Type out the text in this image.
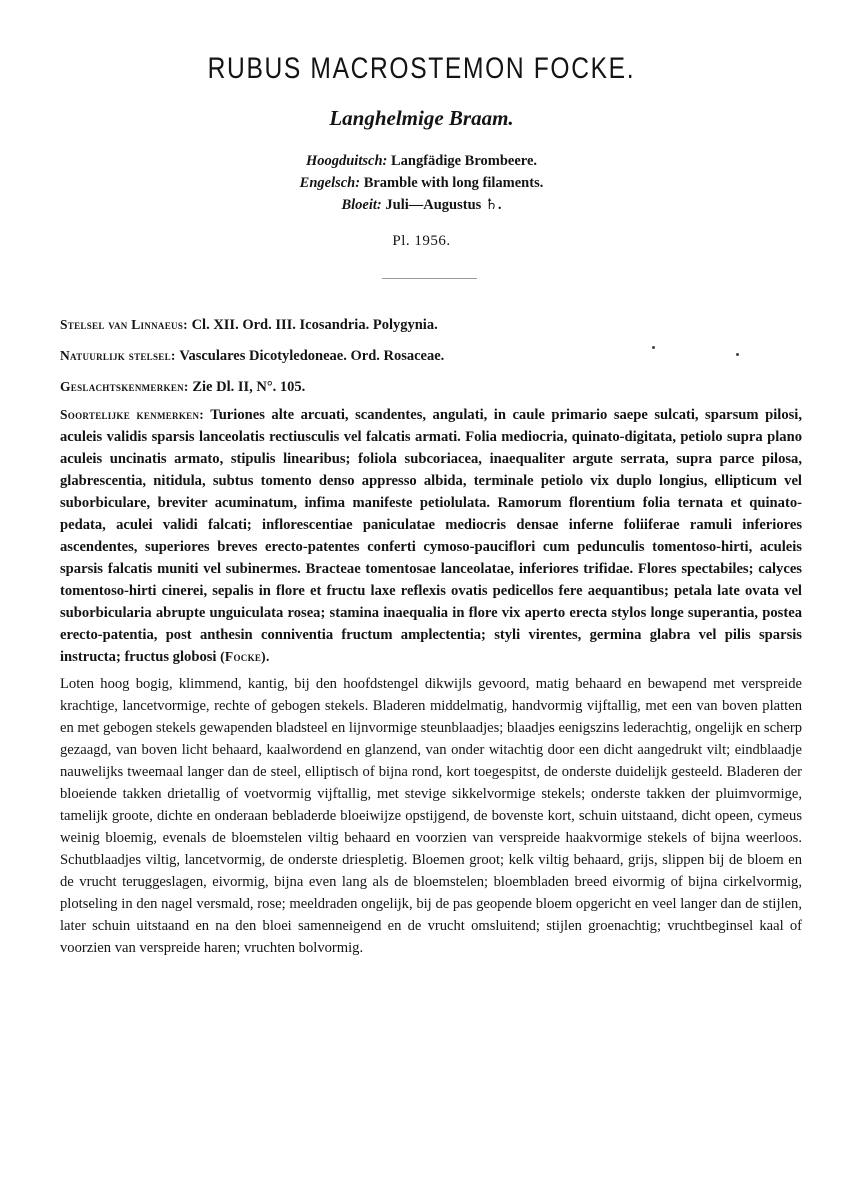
RUBUS MACROSTEMON FOCKE.
Langhelmige Braam.
Hoogduitsch: Langfädige Brombeere.
Engelsch: Bramble with long filaments.
Bloeit: Juli—Augustus ♄.
Pl. 1956.
Stelsel van Linnaeus: Cl. XII. Ord. III. Icosandria. Polygynia.
Natuurlijk stelsel: Vasculares Dicotyledoneae. Ord. Rosaceae.
Geslachtskenmerken: Zie Dl. II, N°. 105.

Soortelijke kenmerken: Turiones alte arcuati, scandentes, angulati, in caule primario saepe sulcati, sparsum pilosi, aculeis validis sparsis lanceolatis rectiusculis vel falcatis armati. Folia mediocria, quinato-digitata, petiolo supra plano aculeis uncinatis armato, stipulis linearibus; foliola subcoriacea, inaequaliter argute serrata, supra parce pilosa, glabrescentia, nitidula, subtus tomento denso appresso albida, terminale petiolo vix duplo longius, ellipticum vel suborbiculare, breviter acuminatum, infima manifeste petiolulata. Ramorum florentium folia ternata et quinato-pedata, aculei validi falcati; inflorescentiae paniculatae mediocris densae inferne foliiferae ramuli inferiores ascendentes, superiores breves erecto-patentes conferti cymoso-pauciflori cum pedunculis tomentoso-hirti, aculeis sparsis falcatis muniti vel subinermes. Bracteae tomentosae lanceolatae, inferiores trifidae. Flores spectabiles; calyces tomentoso-hirti cinerei, sepalis in flore et fructu laxe reflexis ovatis pedicellos fere aequantibus; petala late ovata vel suborbicularia abrupte unguiculata rosea; stamina inaequalia in flore vix aperto erecta stylos longe superantia, postea erecto-patentia, post anthesin conniventia fructum amplectentia; styli virentes, germina glabra vel pilis sparsis instructa; fructus globosi (Focke).

Loten hoog bogig, klimmend, kantig, bij den hoofdstengel dikwijls gevoord, matig behaard en bewapend met verspreide krachtige, lancetvormige, rechte of gebogen stekels. Bladeren middelmatig, handvormig vijftallig, met een van boven platten en met gebogen stekels gewapenden bladsteel en lijnvormige steunblaadjes; blaadjes eenigszins lederachtig, ongelijk en scherp gezaagd, van boven licht behaard, kaalwordend en glanzend, van onder witachtig door een dicht aangedrukt vilt; eindblaadje nauwelijks tweemaal langer dan de steel, elliptisch of bijna rond, kort toegespitst, de onderste duidelijk gesteeld. Bladeren der bloeiende takken drietallig of voetvormig vijftallig, met stevige sikkelvormige stekels; onderste takken der pluimvormige, tamelijk groote, dichte en onderaan bebladerde bloeiwijze opstijgend, de bovenste kort, schuin uitstaand, dicht opeen, cymeus weinig bloemig, evenals de bloemstelen viltig behaard en voorzien van verspreide haakvormige stekels of bijna weerloos. Schutblaadjes viltig, lancetvormig, de onderste driespletig. Bloemen groot; kelk viltig behaard, grijs, slippen bij de bloem en de vrucht teruggeslagen, eivormig, bijna even lang als de bloemstelen; bloembladen breed eivormig of bijna cirkelvormig, plotseling in den nagel versmald, rose; meeldraden ongelijk, bij de pas geopende bloem opgericht en veel langer dan de stijlen, later schuin uitstaand en na den bloei samenneigend en de vrucht omsluitend; stijlen groenachtig; vruchtbeginsel kaal of voorzien van verspreide haren; vruchten bolvormig.
